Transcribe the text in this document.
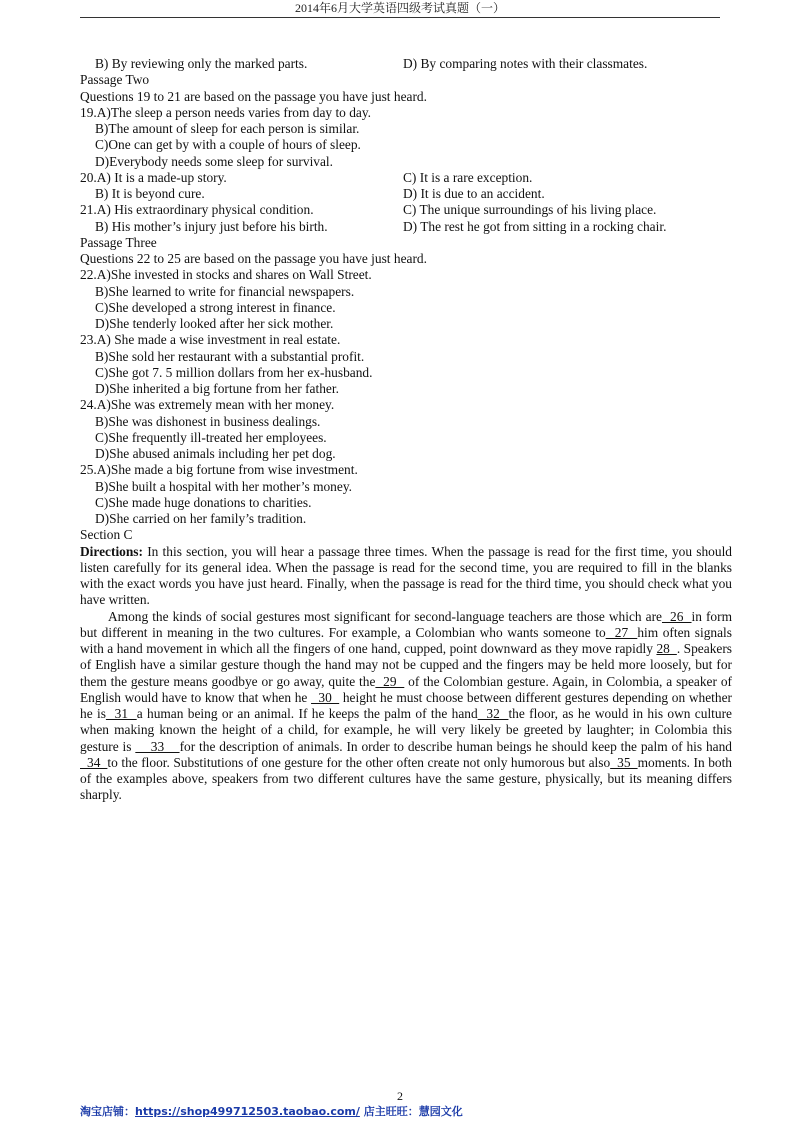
2014年6月大学英语四级考试真题（一）
B) By reviewing only the marked parts.	D) By comparing notes with their classmates.
Passage Two
Questions 19 to 21 are based on the passage you have just heard.
19.A)The sleep a person needs varies from day to day.
B)The amount of sleep for each person is similar.
C)One can get by with a couple of hours of sleep.
D)Everybody needs some sleep for survival.
20.A) It is a made-up story.	C) It is a rare exception.
B) It is beyond cure.	D) It is due to an accident.
21.A) His extraordinary physical condition.	C) The unique surroundings of his living place.
B) His mother’s injury just before his birth.	D) The rest he got from sitting in a rocking chair.
Passage Three
Questions 22 to 25 are based on the passage you have just heard.
22.A)She invested in stocks and shares on Wall Street.
B)She learned to write for financial newspapers.
C)She developed a strong interest in finance.
D)She tenderly looked after her sick mother.
23.A) She made a wise investment in real estate.
B)She sold her restaurant with a substantial profit.
C)She got 7. 5 million dollars from her ex-husband.
D)She inherited a big fortune from her father.
24.A)She was extremely mean with her money.
B)She was dishonest in business dealings.
C)She frequently ill-treated her employees.
D)She abused animals including her pet dog.
25.A)She made a big fortune from wise investment.
B)She built a hospital with her mother’s money.
C)She made huge donations to charities.
D)She carried on her family’s tradition.
Section C
Directions: In this section, you will hear a passage three times. When the passage is read for the first time, you should listen carefully for its general idea. When the passage is read for the second time, you are required to fill in the blanks with the exact words you have just heard. Finally, when the passage is read for the third time, you should check what you have written.
Among the kinds of social gestures most significant for second-language teachers are those which are  26  in form but different in meaning in the two cultures. For example, a Colombian who wants someone to  27  him often signals with a hand movement in which all the fingers of one hand, cupped, point downward as they move rapidly 28  . Speakers of English have a similar gesture though the hand may not be cupped and the fingers may be held more loosely, but for them the gesture means goodbye or go away, quite the  29   of the Colombian gesture. Again, in Colombia, a speaker of English would have to know that when he   30   height he must choose between different gestures depending on whether he is  31  a human being or an animal. If he keeps the palm of the hand  32  the floor, as he would in his own culture when making known the height of a child, for example, he will very likely be greeted by laughter; in Colombia this gesture is     33    for the description of animals. In order to describe human beings he should keep the palm of his hand  34  to the floor. Substitutions of one gesture for the other often create not only humorous but also  35  moments. In both of the examples above, speakers from two different cultures have the same gesture, physically, but its meaning differs sharply.
2
淘宝店铺：https://shop499712503.taobao.com/ 店主旺旺：慧园文化
